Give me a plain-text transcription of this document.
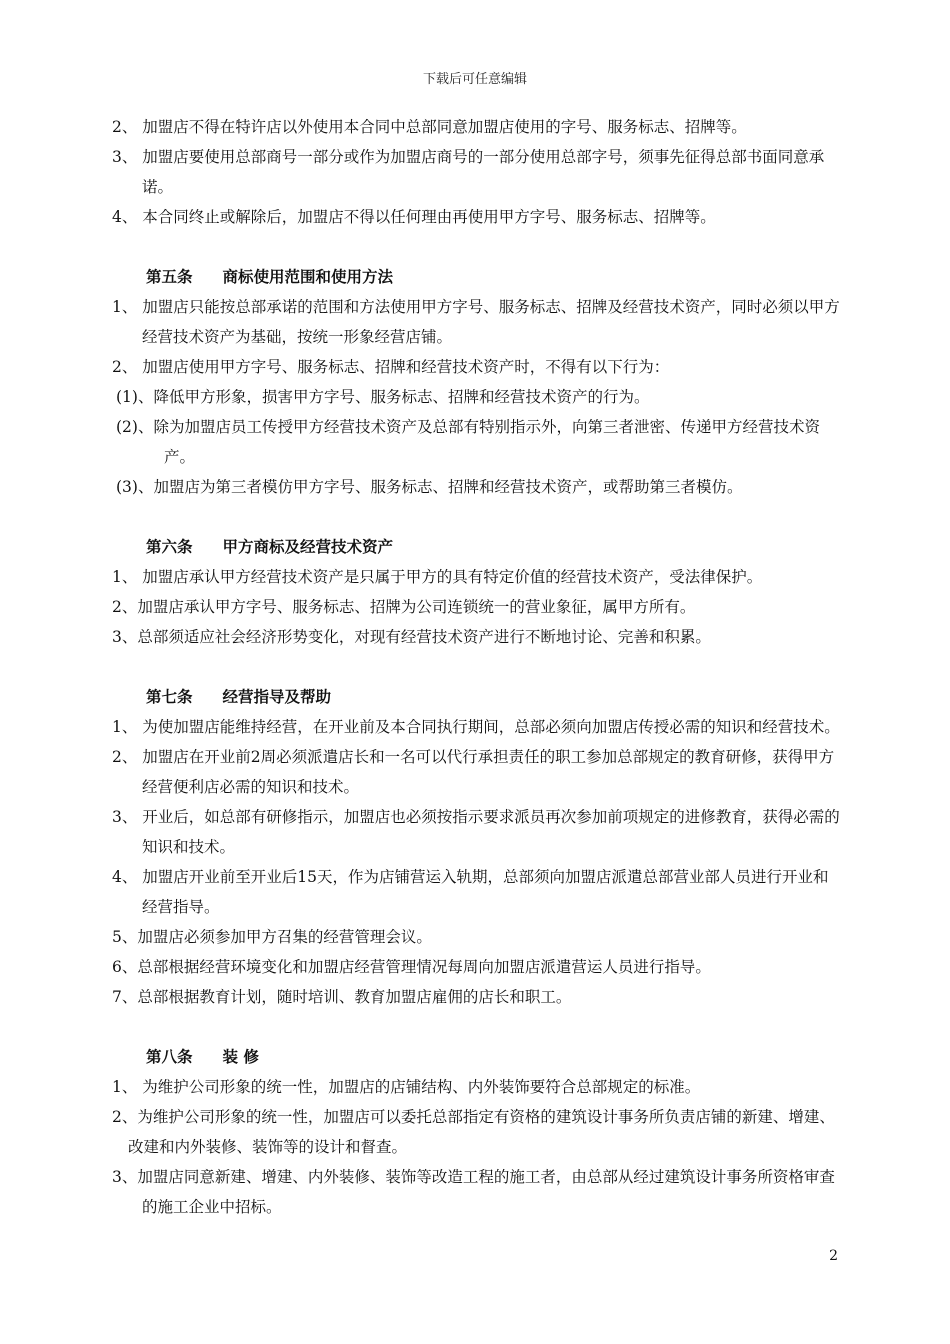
下载后可任意编辑

2、 加盟店不得在特许店以外使用本合同中总部同意加盟店使用的字号、服务标志、招牌等。

3、 加盟店要使用总部商号一部分或作为加盟店商号的一部分使用总部字号，须事先征得总部书面同意承诺。

4、 本合同终止或解除后，加盟店不得以任何理由再使用甲方字号、服务标志、招牌等。

第五条 商标使用范围和使用方法

1、 加盟店只能按总部承诺的范围和方法使用甲方字号、服务标志、招牌及经营技术资产，同时必须以甲方经营技术资产为基础，按统一形象经营店铺。

2、 加盟店使用甲方字号、服务标志、招牌和经营技术资产时，不得有以下行为：

(1)、降低甲方形象，损害甲方字号、服务标志、招牌和经营技术资产的行为。

(2)、除为加盟店员工传授甲方经营技术资产及总部有特别指示外，向第三者泄密、传递甲方经营技术资产。

(3)、加盟店为第三者模仿甲方字号、服务标志、招牌和经营技术资产，或帮助第三者模仿。

第六条 甲方商标及经营技术资产

1、 加盟店承认甲方经营技术资产是只属于甲方的具有特定价值的经营技术资产，受法律保护。

2、加盟店承认甲方字号、服务标志、招牌为公司连锁统一的营业象征，属甲方所有。

3、总部须适应社会经济形势变化，对现有经营技术资产进行不断地讨论、完善和积累。

第七条 经营指导及帮助

1、 为使加盟店能维持经营，在开业前及本合同执行期间，总部必须向加盟店传授必需的知识和经营技术。

2、 加盟店在开业前2周必须派遣店长和一名可以代行承担责任的职工参加总部规定的教育研修，获得甲方经营便利店必需的知识和技术。

3、 开业后，如总部有研修指示，加盟店也必须按指示要求派员再次参加前项规定的进修教育，获得必需的知识和技术。

4、 加盟店开业前至开业后15天，作为店铺营运入轨期，总部须向加盟店派遣总部营业部人员进行开业和经营指导。

5、加盟店必须参加甲方召集的经营管理会议。

6、总部根据经营环境变化和加盟店经营管理情况每周向加盟店派遣营运人员进行指导。

7、总部根据教育计划，随时培训、教育加盟店雇佣的店长和职工。

第八条 装 修

1、 为维护公司形象的统一性，加盟店的店铺结构、内外装饰要符合总部规定的标准。

2、为维护公司形象的统一性，加盟店可以委托总部指定有资格的建筑设计事务所负责店铺的新建、增建、改建和内外装修、装饰等的设计和督查。

3、加盟店同意新建、增建、内外装修、装饰等改造工程的施工者，由总部从经过建筑设计事务所资格审查的施工企业中招标。

2
